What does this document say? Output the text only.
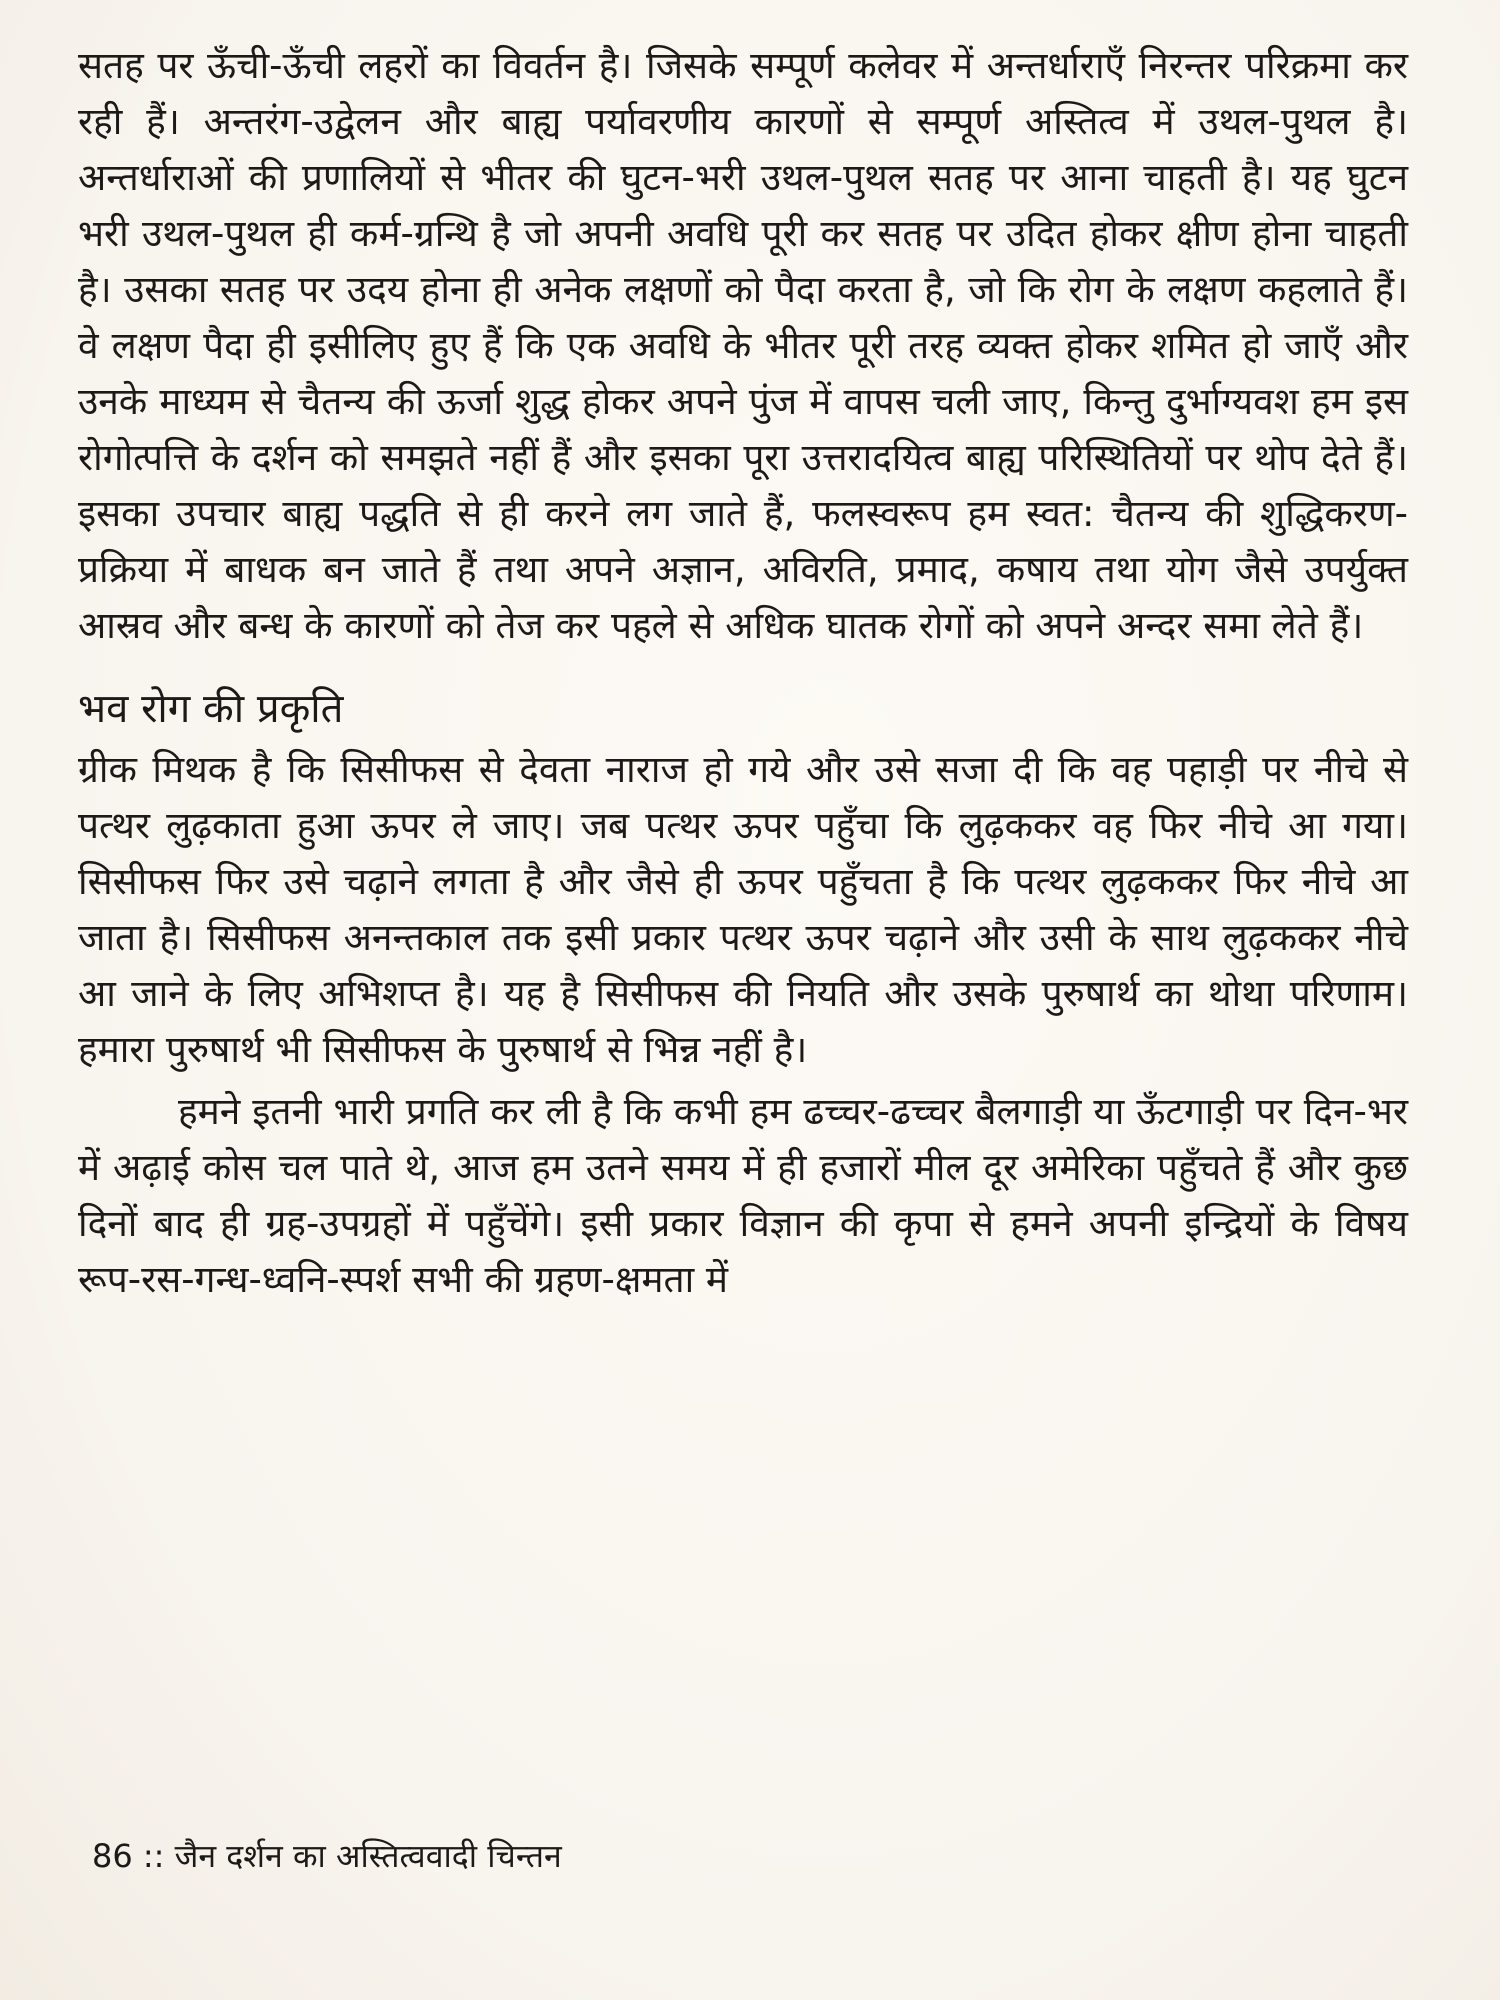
सतह पर ऊँची-ऊँची लहरों का विवर्तन है। जिसके सम्पूर्ण कलेवर में अन्तर्धाराएँ निरन्तर परिक्रमा कर रही हैं। अन्तरंग-उद्वेलन और बाह्य पर्यावरणीय कारणों से सम्पूर्ण अस्तित्व में उथल-पुथल है। अन्तर्धाराओं की प्रणालियों से भीतर की घुटन-भरी उथल-पुथल सतह पर आना चाहती है। यह घुटन भरी उथल-पुथल ही कर्म-ग्रन्थि है जो अपनी अवधि पूरी कर सतह पर उदित होकर क्षीण होना चाहती है। उसका सतह पर उदय होना ही अनेक लक्षणों को पैदा करता है, जो कि रोग के लक्षण कहलाते हैं। वे लक्षण पैदा ही इसीलिए हुए हैं कि एक अवधि के भीतर पूरी तरह व्यक्त होकर शमित हो जाएँ और उनके माध्यम से चैतन्य की ऊर्जा शुद्ध होकर अपने पुंज में वापस चली जाए, किन्तु दुर्भाग्यवश हम इस रोगोत्पत्ति के दर्शन को समझते नहीं हैं और इसका पूरा उत्तरादयित्व बाह्य परिस्थितियों पर थोप देते हैं। इसका उपचार बाह्य पद्धति से ही करने लग जाते हैं, फलस्वरूप हम स्वत: चैतन्य की शुद्धिकरण-प्रक्रिया में बाधक बन जाते हैं तथा अपने अज्ञान, अविरति, प्रमाद, कषाय तथा योग जैसे उपर्युक्त आस्रव और बन्ध के कारणों को तेज कर पहले से अधिक घातक रोगों को अपने अन्दर समा लेते हैं।

भव रोग की प्रकृति

ग्रीक मिथक है कि सिसीफस से देवता नाराज हो गये और उसे सजा दी कि वह पहाड़ी पर नीचे से पत्थर लुढ़काता हुआ ऊपर ले जाए। जब पत्थर ऊपर पहुँचा कि लुढ़ककर वह फिर नीचे आ गया। सिसीफस फिर उसे चढ़ाने लगता है और जैसे ही ऊपर पहुँचता है कि पत्थर लुढ़ककर फिर नीचे आ जाता है। सिसीफस अनन्तकाल तक इसी प्रकार पत्थर ऊपर चढ़ाने और उसी के साथ लुढ़ककर नीचे आ जाने के लिए अभिशप्त है। यह है सिसीफस की नियति और उसके पुरुषार्थ का थोथा परिणाम। हमारा पुरुषार्थ भी सिसीफस के पुरुषार्थ से भिन्न नहीं है।

हमने इतनी भारी प्रगति कर ली है कि कभी हम ढच्चर-ढच्चर बैलगाड़ी या ऊँटगाड़ी पर दिन-भर में अढ़ाई कोस चल पाते थे, आज हम उतने समय में ही हजारों मील दूर अमेरिका पहुँचते हैं और कुछ दिनों बाद ही ग्रह-उपग्रहों में पहुँचेंगे। इसी प्रकार विज्ञान की कृपा से हमने अपनी इन्द्रियों के विषय रूप-रस-गन्ध-ध्वनि-स्पर्श सभी की ग्रहण-क्षमता में

86 :: जैन दर्शन का अस्तित्ववादी चिन्तन
